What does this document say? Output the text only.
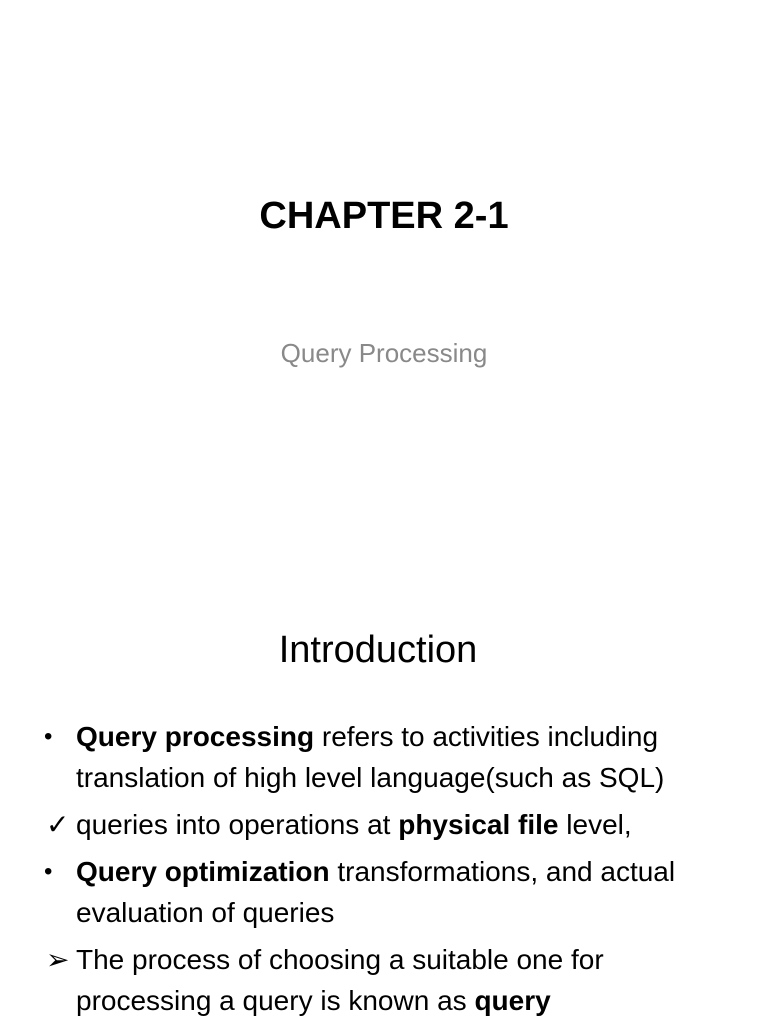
CHAPTER 2-1
Query Processing
Introduction
• Query processing refers to activities including translation of high level language(such as SQL)
✓ queries into operations at physical file level,
• Query optimization transformations, and actual evaluation of queries
➢ The process of choosing a suitable one for processing a query is known as query
